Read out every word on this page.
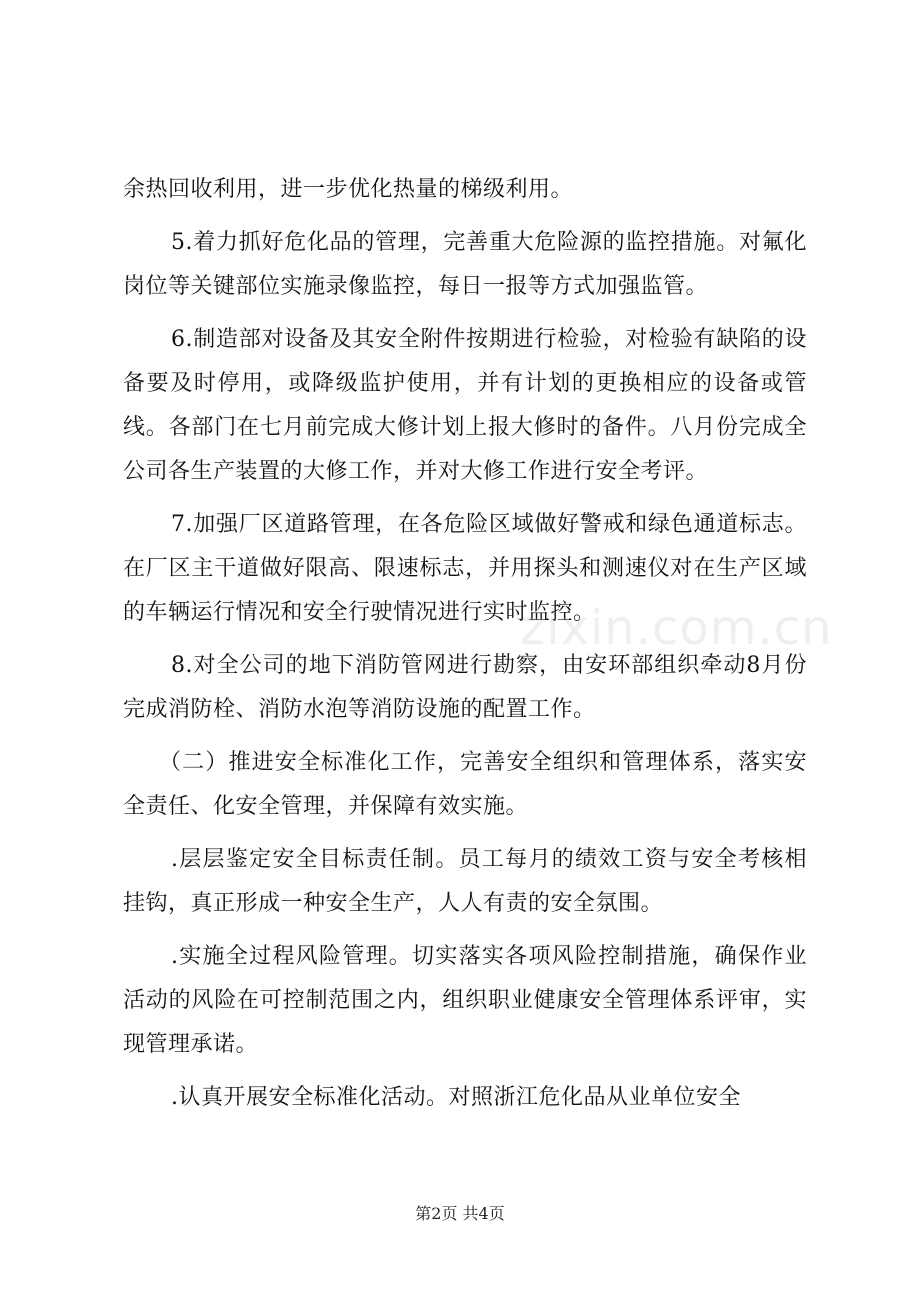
余热回收利用，进一步优化热量的梯级利用。

5.着力抓好危化品的管理，完善重大危险源的监控措施。对氟化岗位等关键部位实施录像监控，每日一报等方式加强监管。

6.制造部对设备及其安全附件按期进行检验，对检验有缺陷的设备要及时停用，或降级监护使用，并有计划的更换相应的设备或管线。各部门在七月前完成大修计划上报大修时的备件。八月份完成全公司各生产装置的大修工作，并对大修工作进行安全考评。

7.加强厂区道路管理，在各危险区域做好警戒和绿色通道标志。在厂区主干道做好限高、限速标志，并用探头和测速仪对在生产区域的车辆运行情况和安全行驶情况进行实时监控。

8.对全公司的地下消防管网进行勘察，由安环部组织牵动8月份完成消防栓、消防水泡等消防设施的配置工作。

（二）推进安全标准化工作，完善安全组织和管理体系，落实安全责任、化安全管理，并保障有效实施。

.层层鉴定安全目标责任制。员工每月的绩效工资与安全考核相挂钩，真正形成一种安全生产，人人有责的安全氛围。

.实施全过程风险管理。切实落实各项风险控制措施，确保作业活动的风险在可控制范围之内，组织职业健康安全管理体系评审，实现管理承诺。

.认真开展安全标准化活动。对照浙江危化品从业单位安全

zixin.com.cn
第2页 共4页
